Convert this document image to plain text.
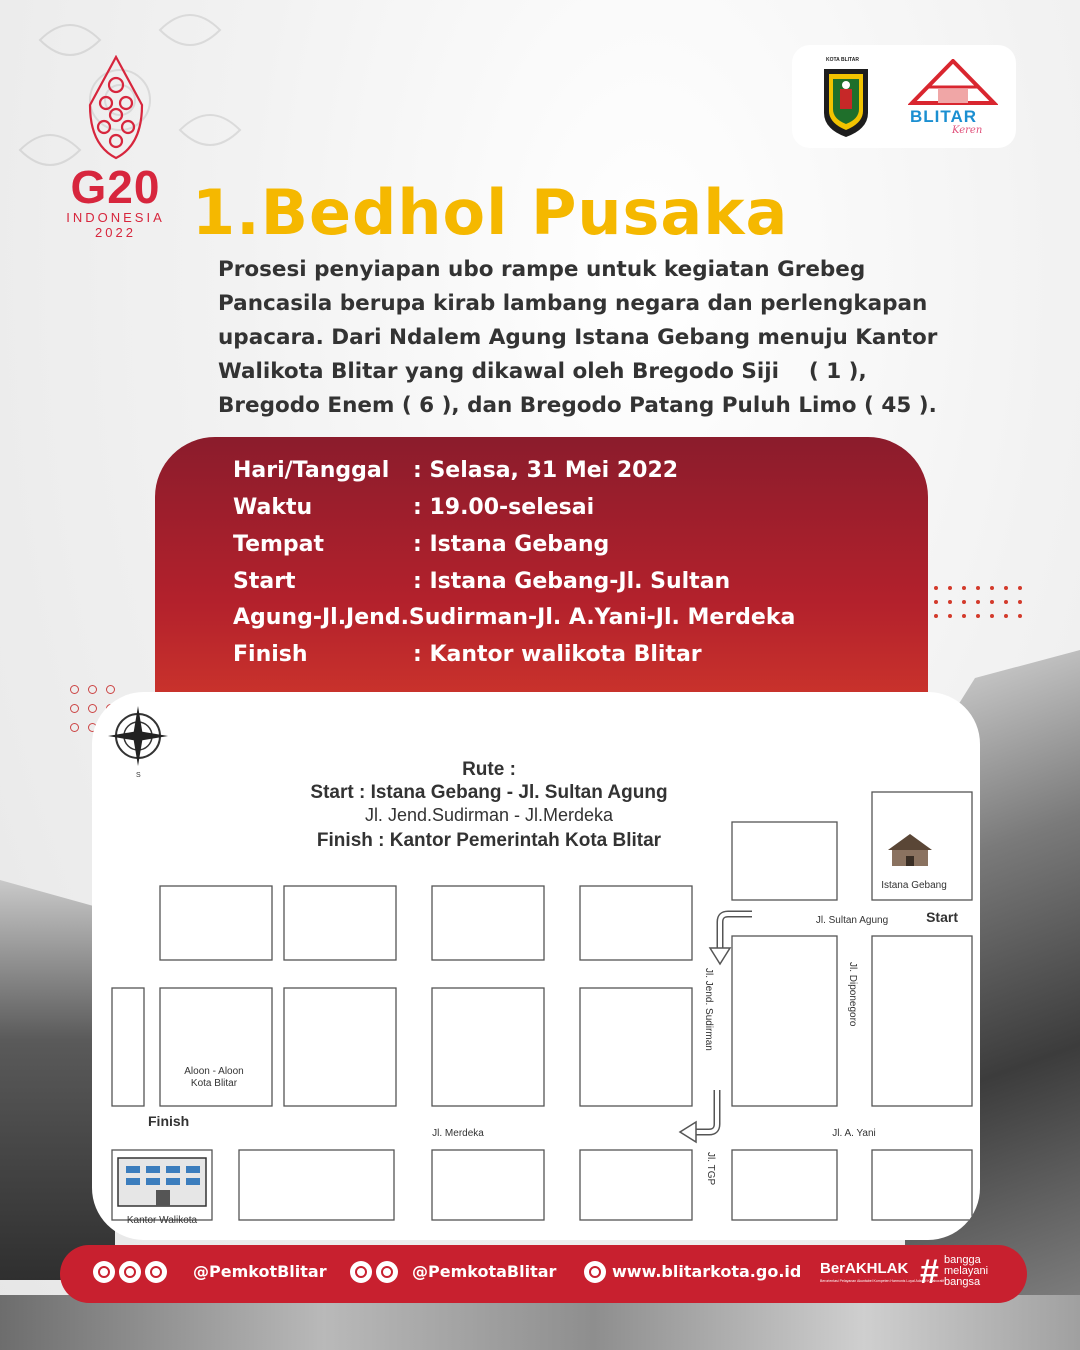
G20
INDONESIA
2022
KOTA BLITAR
BLITAR
Keren
1.Bedhol Pusaka
Prosesi penyiapan ubo rampe untuk kegiatan Grebeg
Pancasila berupa kirab lambang negara dan perlengkapan
upacara. Dari Ndalem Agung Istana Gebang menuju Kantor
Walikota Blitar yang dikawal oleh Bregodo Siji    ( 1 ),
Bregodo Enem ( 6 ), dan Bregodo Patang Puluh Limo ( 45 ).
Hari/Tanggal : Selasa, 31 Mei 2022
Waktu	: 19.00-selesai
Tempat	: Istana Gebang
Start	: Istana Gebang-Jl. Sultan
Agung-Jl.Jend.Sudirman-Jl. A.Yani-Jl. Merdeka
Finish	: Kantor walikota Blitar
Rute :
Start : Istana Gebang - Jl. Sultan Agung
Jl. Jend.Sudirman - Jl.Merdeka
Finish : Kantor Pemerintah Kota Blitar
Istana Gebang
Start
Finish
Jl. Sultan Agung
Jl. Merdeka	Jl. A. Yani
Aloon - Aloon
Kota Blitar
Kantor Walikota
S
Jl. Diponegoro
Jl. Jend. Sudirman
Jl. TGP
@PemkotBlitar	@PemkotaBlitar	www.blitarkota.go.id BerAKHLAK
Berorientasi Pelayanan Akuntabel Kompeten Harmonis Loyal Adaptif Kolaboratif
# bangga
melayani
bangsa
